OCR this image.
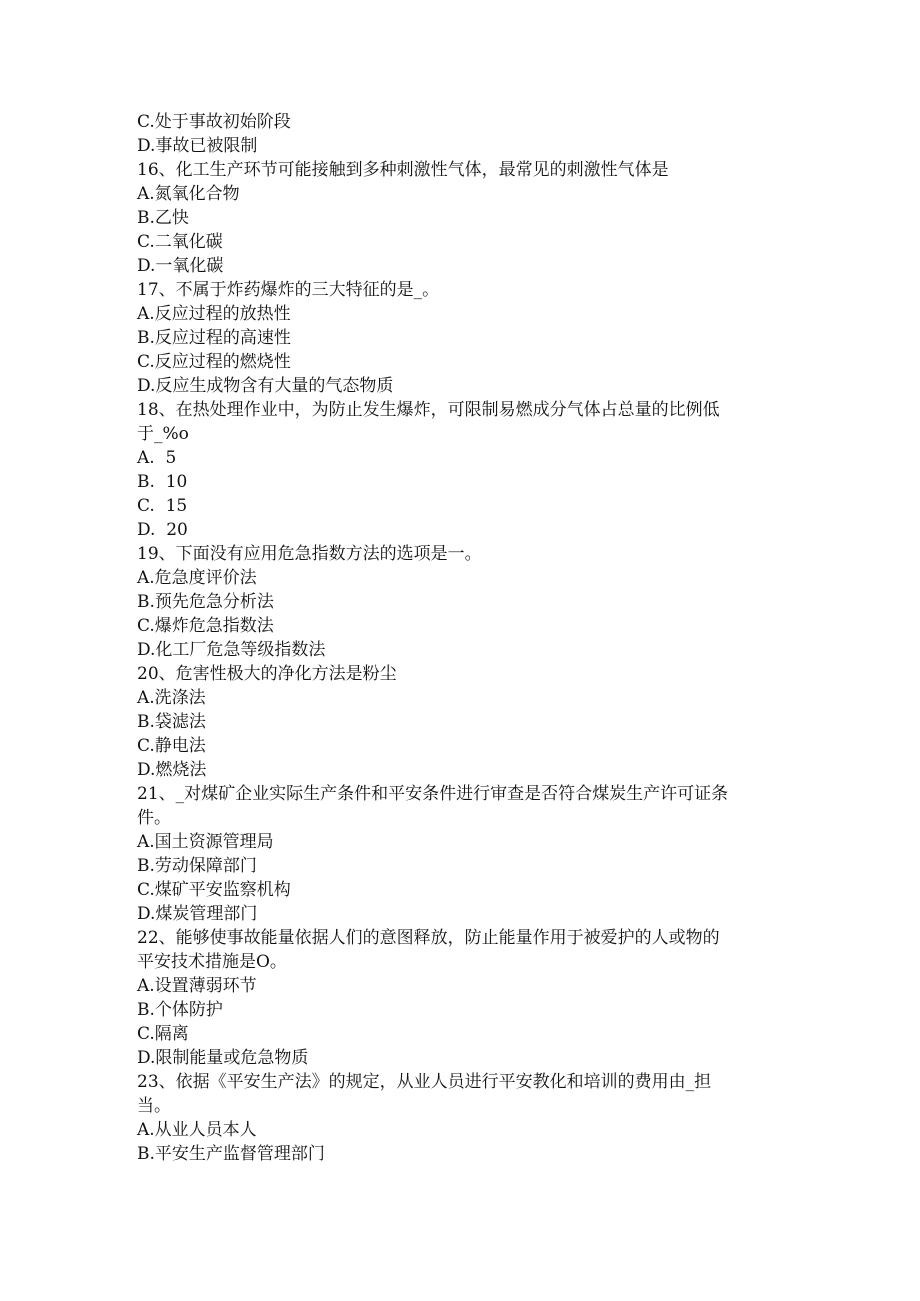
C.处于事故初始阶段

D.事故已被限制

16、化工生产环节可能接触到多种刺激性气体，最常见的刺激性气体是

A.氮氧化合物

B.乙快

C.二氧化碳

D.一氧化碳

17、不属于炸药爆炸的三大特征的是_。

A.反应过程的放热性

B.反应过程的高速性

C.反应过程的燃烧性

D.反应生成物含有大量的气态物质

18、在热处理作业中，为防止发生爆炸，可限制易燃成分气体占总量的比例低

于_%o

A.  5

B.  10

C.  15

D.  20

19、下面没有应用危急指数方法的选项是一。

A.危急度评价法

B.预先危急分析法

C.爆炸危急指数法

D.化工厂危急等级指数法

20、危害性极大的净化方法是粉尘

A.洗涤法

B.袋滤法

C.静电法

D.燃烧法

21、_对煤矿企业实际生产条件和平安条件进行审查是否符合煤炭生产许可证条

件。

A.国土资源管理局

B.劳动保障部门

C.煤矿平安监察机构

D.煤炭管理部门

22、能够使事故能量依据人们的意图释放，防止能量作用于被爱护的人或物的

平安技术措施是O。

A.设置薄弱环节

B.个体防护

C.隔离

D.限制能量或危急物质

23、依据《平安生产法》的规定，从业人员进行平安教化和培训的费用由_担

当。

A.从业人员本人

B.平安生产监督管理部门
